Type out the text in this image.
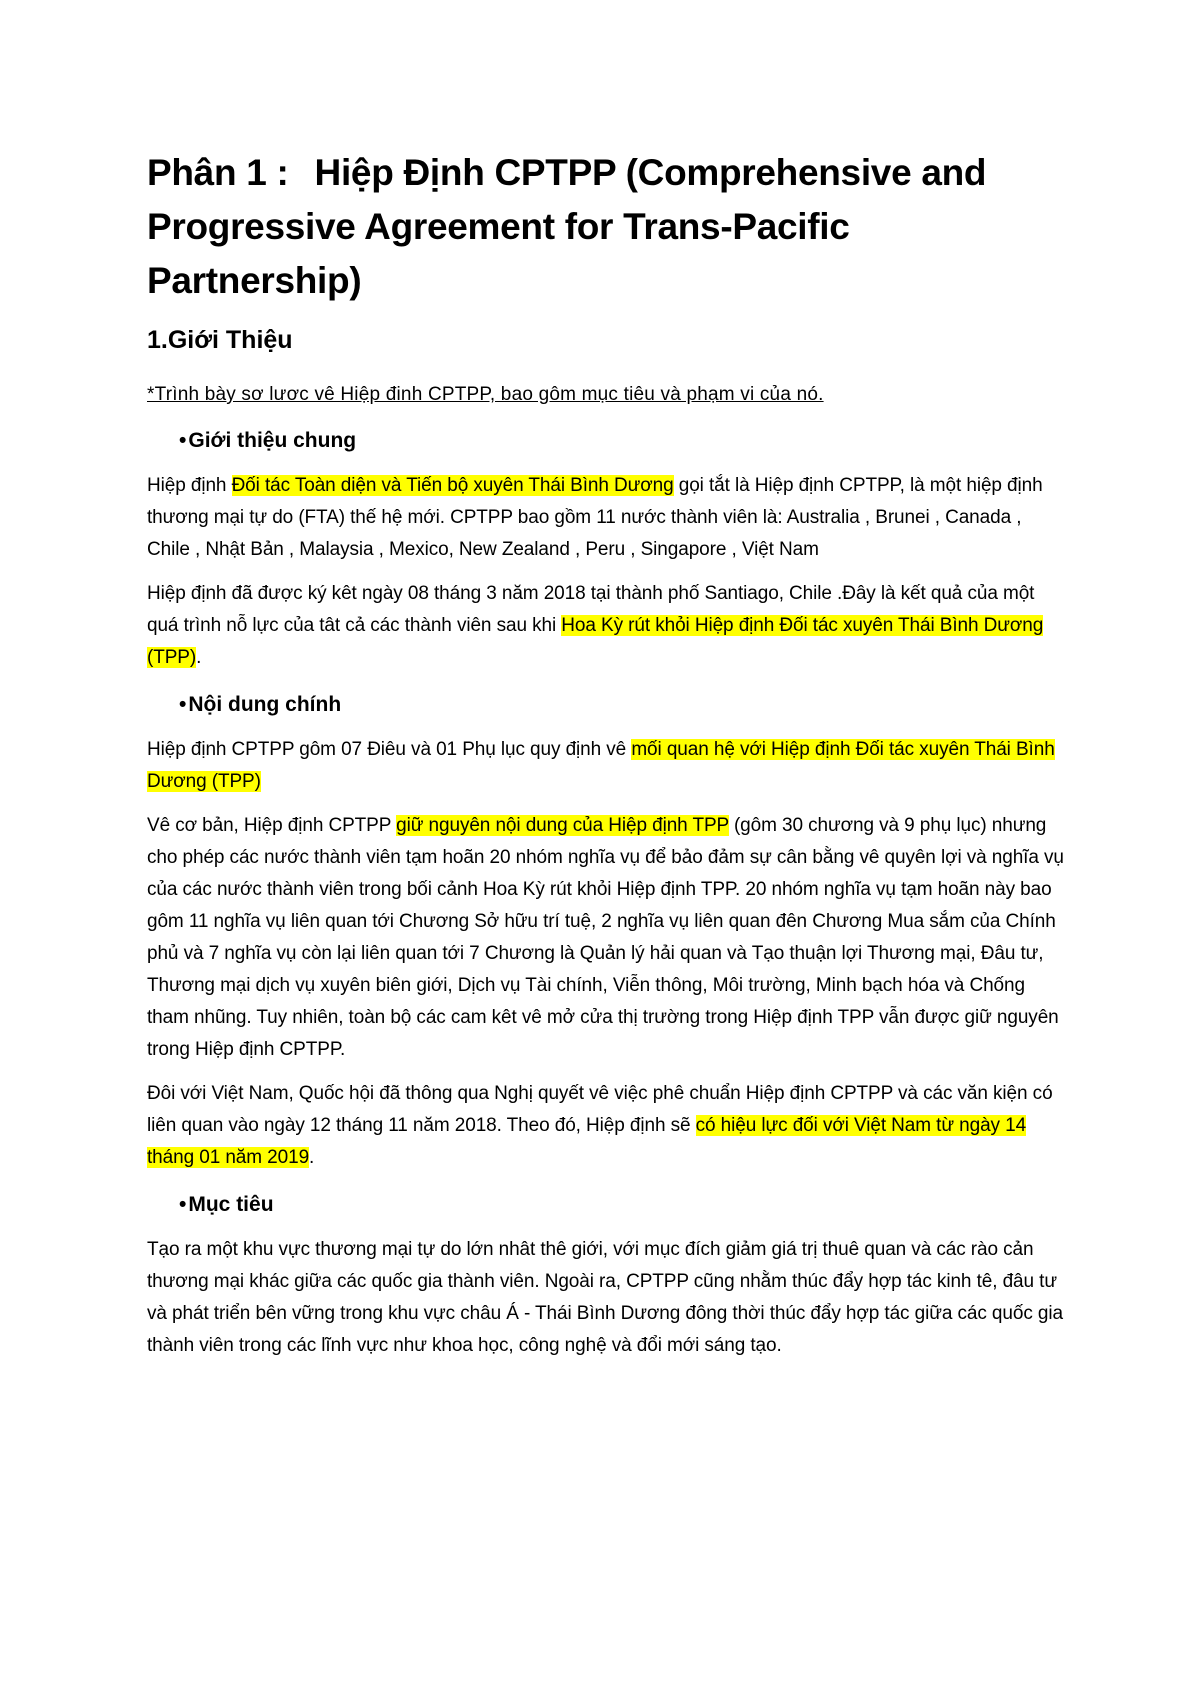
Phân 1 : Hiệp Định CPTPP (Comprehensive and Progressive Agreement for Trans-Pacific Partnership)
1.Giới Thiệu
*Trình bày sơ lươc vê Hiệp đinh CPTPP, bao gôm mục tiêu và phạm vi của nó.
•Giới thiệu chung

Hiệp định Đối tác Toàn diện và Tiến bộ xuyên Thái Bình Dương gọi tắt là Hiệp định CPTPP, là một hiệp định thương mại tự do (FTA) thế hệ mới. CPTPP bao gồm 11 nước thành viên là: Australia , Brunei , Canada , Chile , Nhật Bản , Malaysia , Mexico, New Zealand , Peru , Singapore , Việt Nam

Hiệp định đã được ký kêt ngày 08 tháng 3 năm 2018 tại thành phố Santiago, Chile .Đây là kết quả của một quá trình nỗ lực của tât cả các thành viên sau khi Hoa Kỳ rút khỏi Hiệp định Đối tác xuyên Thái Bình Dương (TPP).

•Nội dung chính

Hiệp định CPTPP gôm 07 Điêu và 01 Phụ lục quy định vê mối quan hệ với Hiệp định Đối tác xuyên Thái Bình Dương (TPP)

Vê cơ bản, Hiệp định CPTPP giữ nguyên nội dung của Hiệp định TPP (gôm 30 chương và 9 phụ lục) nhưng cho phép các nước thành viên tạm hoãn 20 nhóm nghĩa vụ để bảo đảm sự cân bằng vê quyên lợi và nghĩa vụ của các nước thành viên trong bối cảnh Hoa Kỳ rút khỏi Hiệp định TPP. 20 nhóm nghĩa vụ tạm hoãn này bao gôm 11 nghĩa vụ liên quan tới Chương Sở hữu trí tuệ, 2 nghĩa vụ liên quan đên Chương Mua sắm của Chính phủ và 7 nghĩa vụ còn lại liên quan tới 7 Chương là Quản lý hải quan và Tạo thuận lợi Thương mại, Đâu tư, Thương mại dịch vụ xuyên biên giới, Dịch vụ Tài chính, Viễn thông, Môi trường, Minh bạch hóa và Chống tham nhũng. Tuy nhiên, toàn bộ các cam kêt vê mở cửa thị trường trong Hiệp định TPP vẫn được giữ nguyên trong Hiệp định CPTPP.

Đôi với Việt Nam, Quốc hội đã thông qua Nghị quyết vê việc phê chuẩn Hiệp định CPTPP và các văn kiện có liên quan vào ngày 12 tháng 11 năm 2018. Theo đó, Hiệp định sẽ có hiệu lực đối với Việt Nam từ ngày 14 tháng 01 năm 2019.

•Mục tiêu

Tạo ra một khu vực thương mại tự do lớn nhât thê giới, với mục đích giảm giá trị thuê quan và các rào cản thương mại khác giữa các quốc gia thành viên. Ngoài ra, CPTPP cũng nhằm thúc đẩy hợp tác kinh tê, đâu tư và phát triển bên vững trong khu vực châu Á - Thái Bình Dương đông thời thúc đẩy hợp tác giữa các quốc gia thành viên trong các lĩnh vực như khoa học, công nghệ và đổi mới sáng tạo.
